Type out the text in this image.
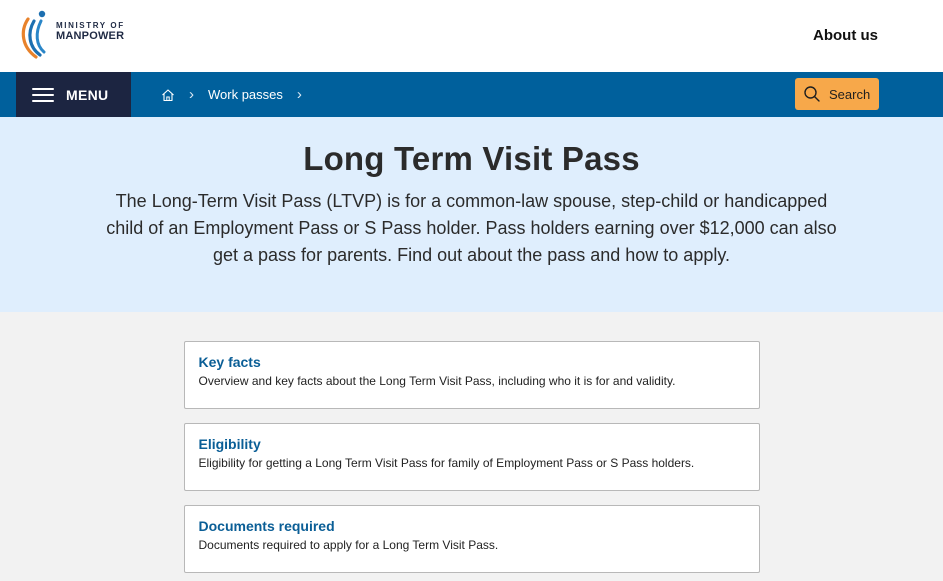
MINISTRY OF
MANPOWER	About us
MENU	› Work passes ›	Search
Long Term Visit Pass

The Long-Term Visit Pass (LTVP) is for a common-law spouse, step-child or handicapped child of an Employment Pass or S Pass holder. Pass holders earning over $12,000 can also get a pass for parents. Find out about the pass and how to apply.

Key facts
Overview and key facts about the Long Term Visit Pass, including who it is for and validity.
Eligibility
Eligibility for getting a Long Term Visit Pass for family of Employment Pass or S Pass holders.
Documents required
Documents required to apply for a Long Term Visit Pass.
